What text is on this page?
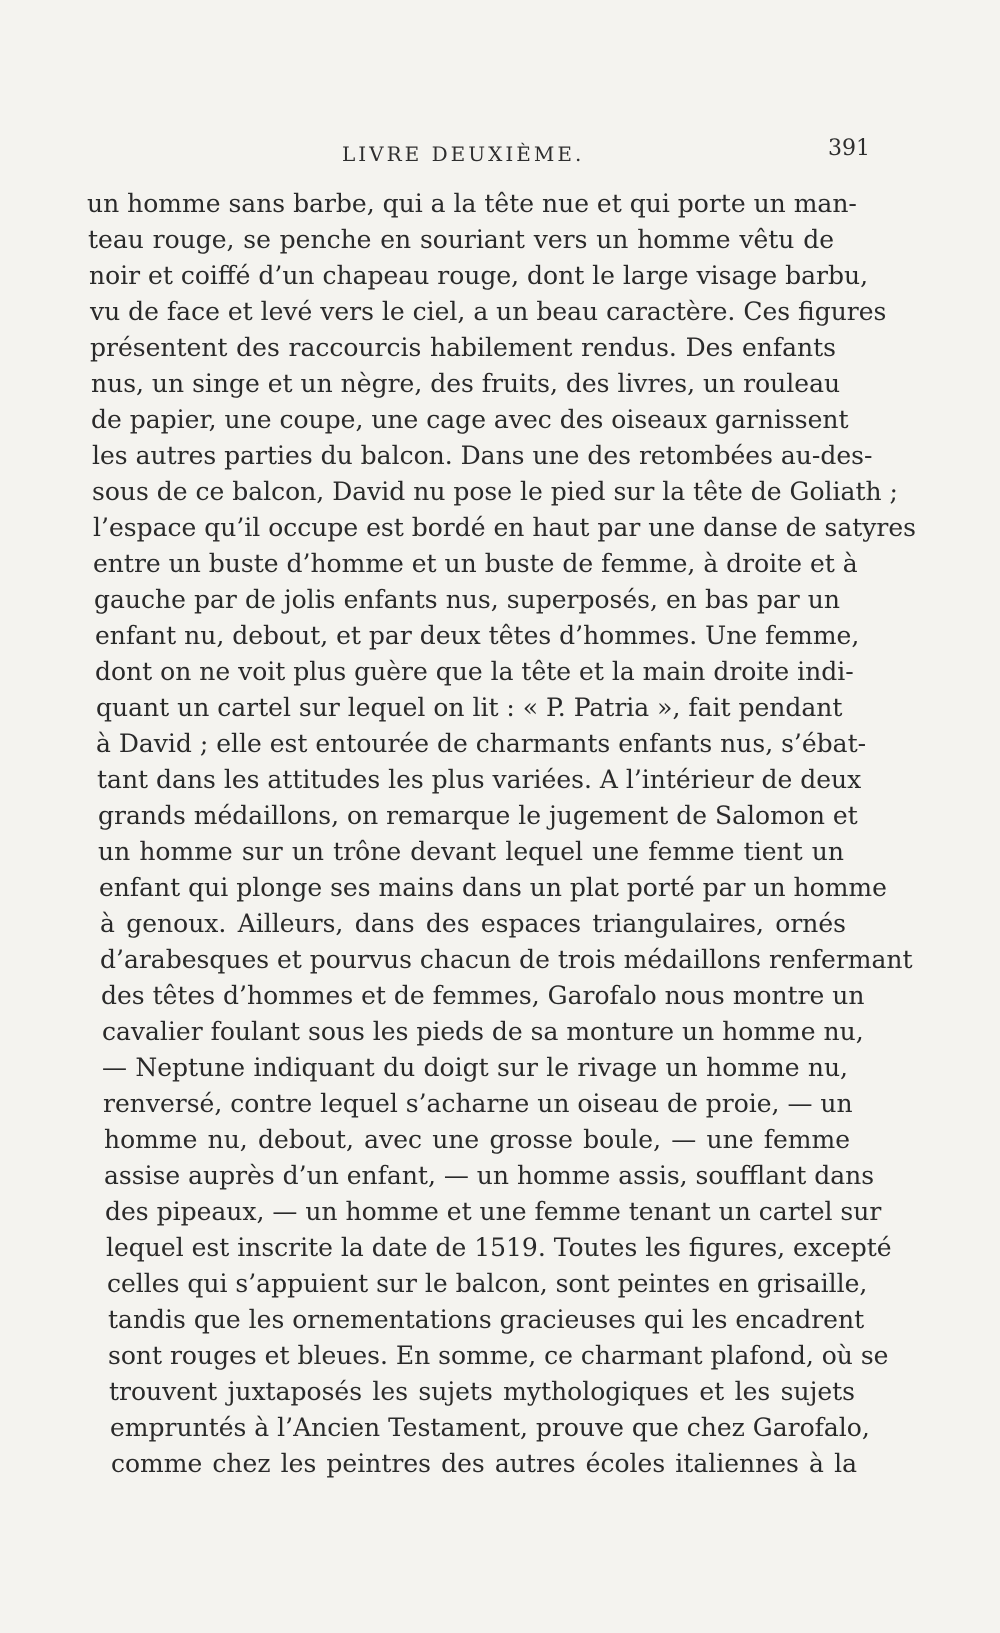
LIVRE DEUXIÈME.	391
un homme sans barbe, qui a la tête nue et qui porte un man-
teau rouge, se penche en souriant vers un homme vêtu de
noir et coiffé d’un chapeau rouge, dont le large visage barbu,
vu de face et levé vers le ciel, a un beau caractère. Ces figures
présentent des raccourcis habilement rendus. Des enfants
nus, un singe et un nègre, des fruits, des livres, un rouleau
de papier, une coupe, une cage avec des oiseaux garnissent
les autres parties du balcon. Dans une des retombées au-des-
sous de ce balcon, David nu pose le pied sur la tête de Goliath ;
l’espace qu’il occupe est bordé en haut par une danse de satyres
entre un buste d’homme et un buste de femme, à droite et à
gauche par de jolis enfants nus, superposés, en bas par un
enfant nu, debout, et par deux têtes d’hommes. Une femme,
dont on ne voit plus guère que la tête et la main droite indi-
quant un cartel sur lequel on lit : « P. Patria », fait pendant
à David ; elle est entourée de charmants enfants nus, s’ébat-
tant dans les attitudes les plus variées. A l’intérieur de deux
grands médaillons, on remarque le jugement de Salomon et
un homme sur un trône devant lequel une femme tient un
enfant qui plonge ses mains dans un plat porté par un homme
à genoux. Ailleurs, dans des espaces triangulaires, ornés
d’arabesques et pourvus chacun de trois médaillons renfermant
des têtes d’hommes et de femmes, Garofalo nous montre un
cavalier foulant sous les pieds de sa monture un homme nu,
— Neptune indiquant du doigt sur le rivage un homme nu,
renversé, contre lequel s’acharne un oiseau de proie, — un
homme nu, debout, avec une grosse boule, — une femme
assise auprès d’un enfant, — un homme assis, soufflant dans
des pipeaux, — un homme et une femme tenant un cartel sur
lequel est inscrite la date de 1519. Toutes les figures, excepté
celles qui s’appuient sur le balcon, sont peintes en grisaille,
tandis que les ornementations gracieuses qui les encadrent
sont rouges et bleues. En somme, ce charmant plafond, où se
trouvent juxtaposés les sujets mythologiques et les sujets
empruntés à l’Ancien Testament, prouve que chez Garofalo,
comme chez les peintres des autres écoles italiennes à la
